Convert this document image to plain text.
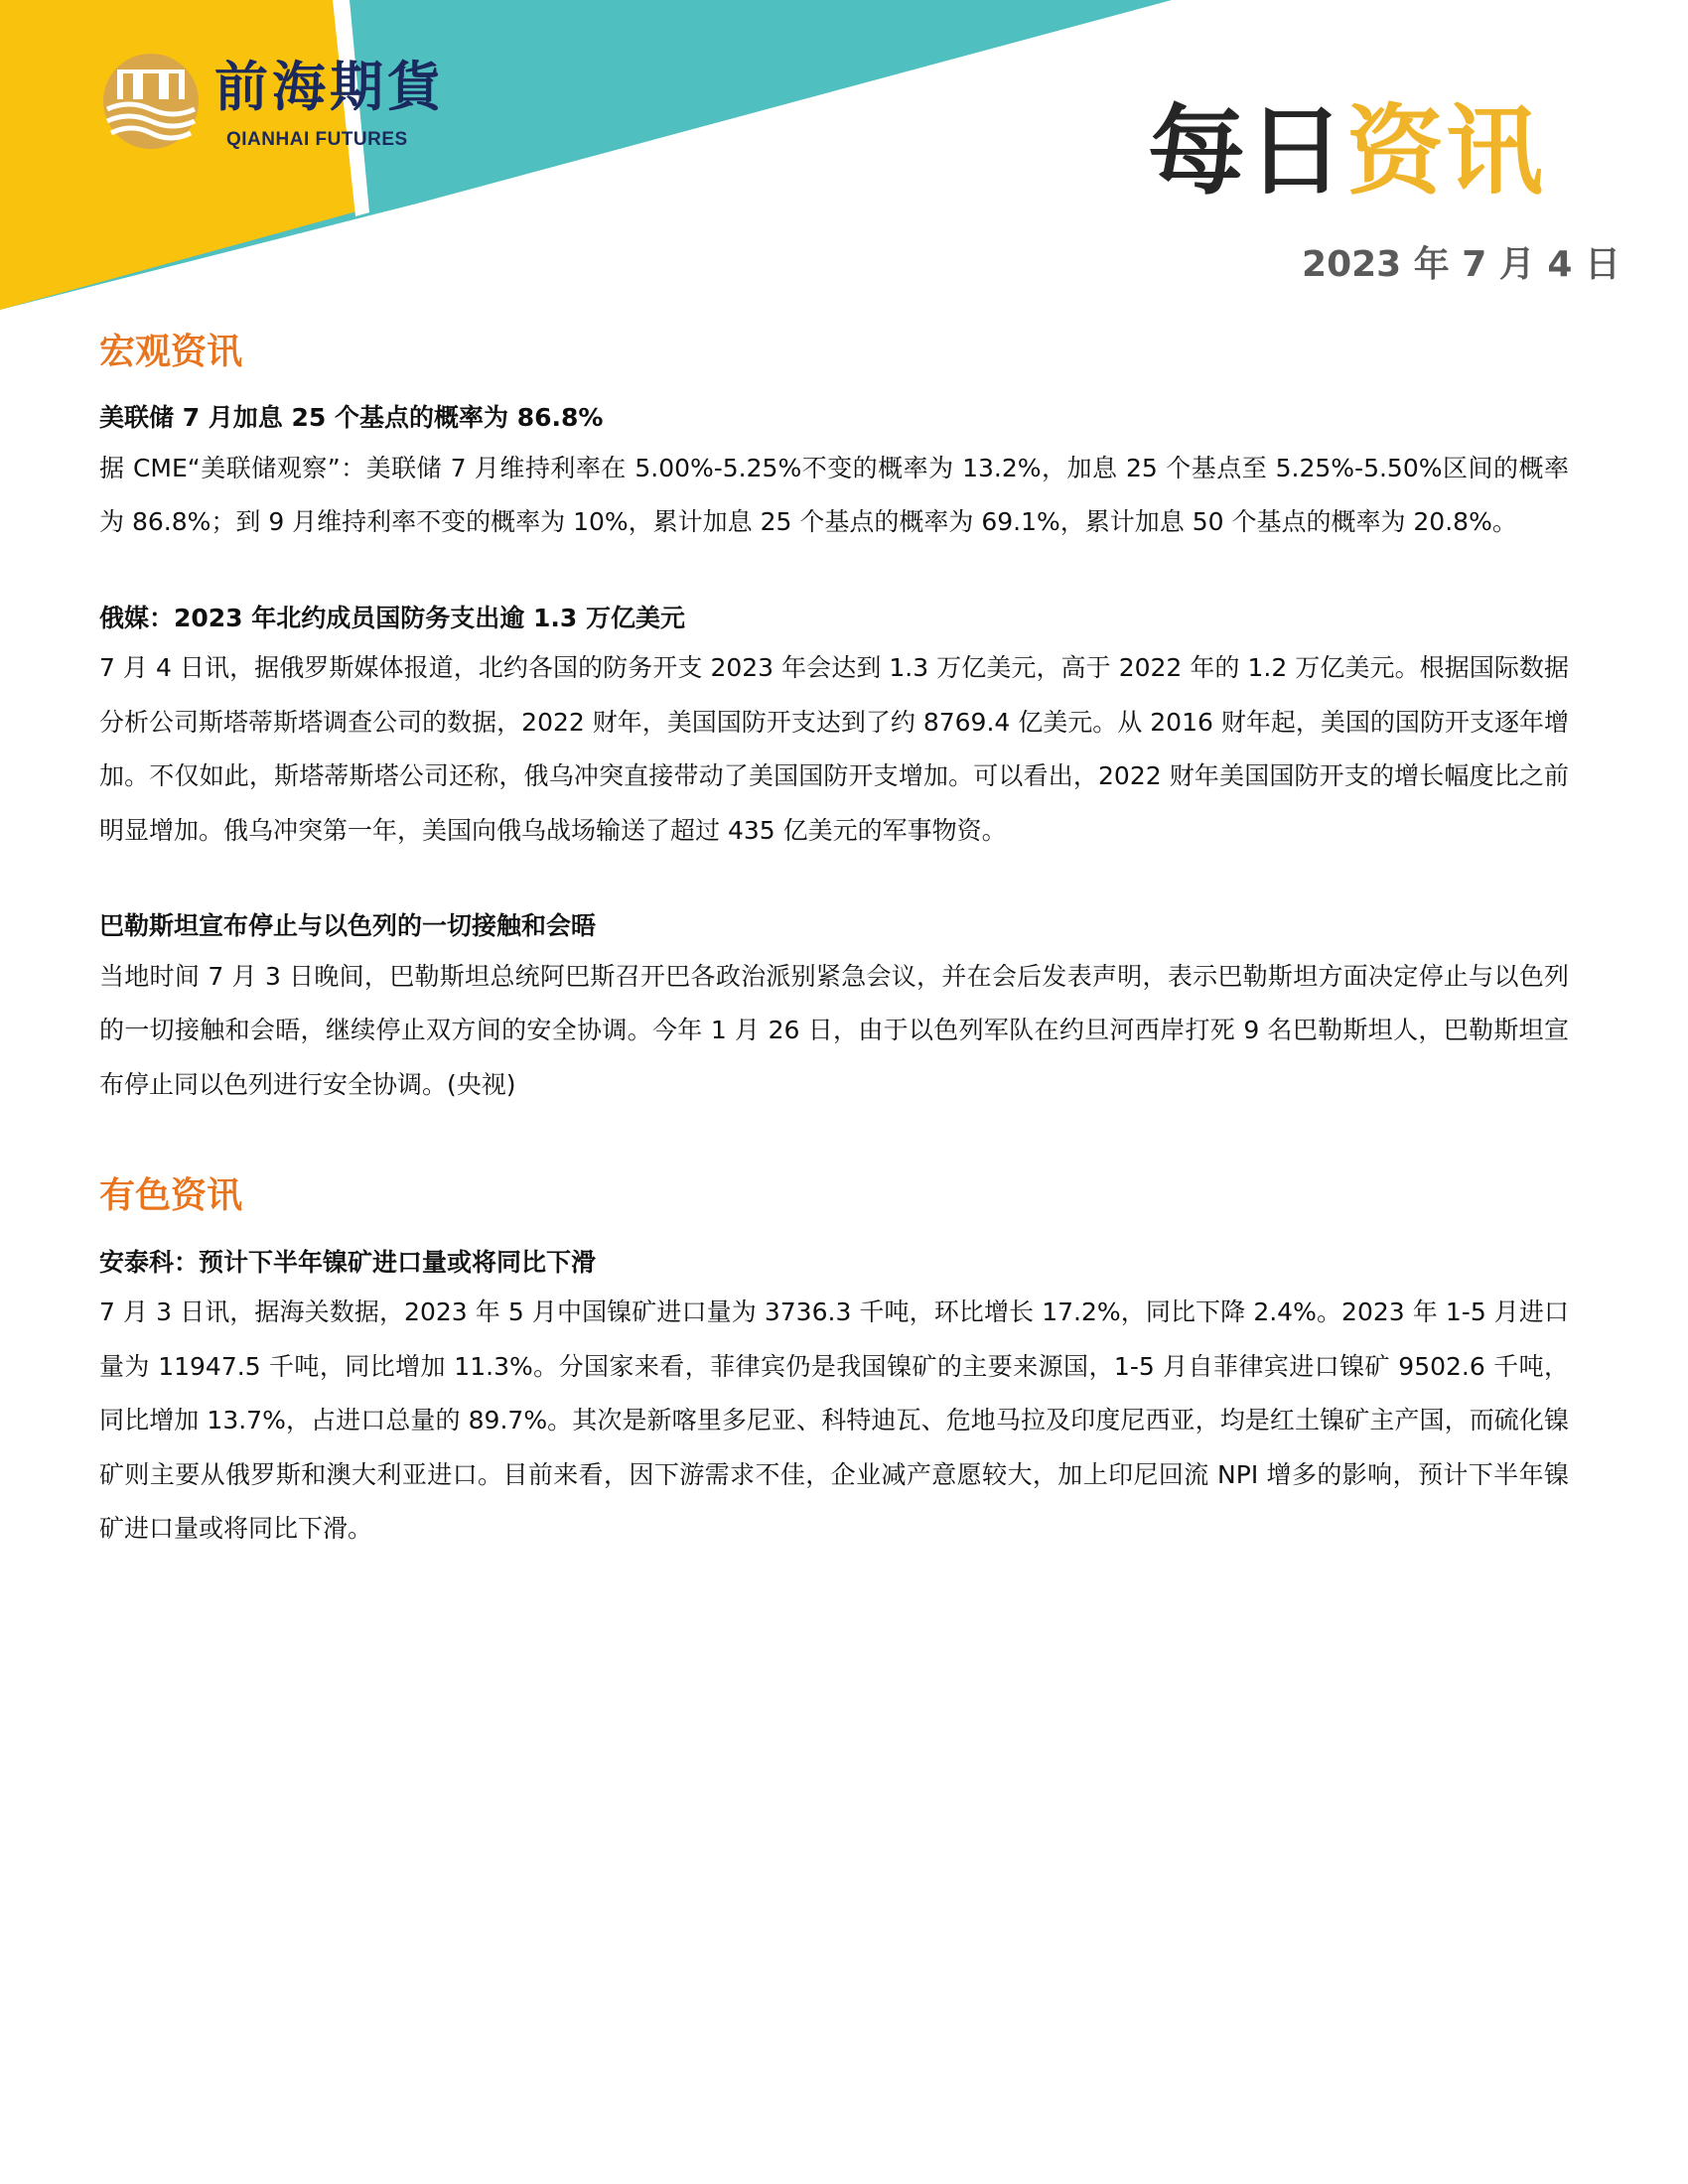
前海期貨
QIANHAI FUTURES	每日资讯
2023 年 7 月 4 日
宏观资讯
美联储 7 月加息 25 个基点的概率为 86.8%

据 CME“美联储观察”：美联储 7 月维持利率在 5.00%-5.25%不变的概率为 13.2%，加息 25 个基点至 5.25%-5.50%区间的概率为 86.8%；到 9 月维持利率不变的概率为 10%，累计加息 25 个基点的概率为 69.1%，累计加息 50 个基点的概率为 20.8%。

俄媒：2023 年北约成员国防务支出逾 1.3 万亿美元

7 月 4 日讯，据俄罗斯媒体报道，北约各国的防务开支 2023 年会达到 1.3 万亿美元，高于 2022 年的 1.2 万亿美元。根据国际数据分析公司斯塔蒂斯塔调查公司的数据，2022 财年，美国国防开支达到了约 8769.4 亿美元。从 2016 财年起，美国的国防开支逐年增加。不仅如此，斯塔蒂斯塔公司还称，俄乌冲突直接带动了美国国防开支增加。可以看出，2022 财年美国国防开支的增长幅度比之前明显增加。俄乌冲突第一年，美国向俄乌战场输送了超过 435 亿美元的军事物资。

巴勒斯坦宣布停止与以色列的一切接触和会晤

当地时间 7 月 3 日晚间，巴勒斯坦总统阿巴斯召开巴各政治派别紧急会议，并在会后发表声明，表示巴勒斯坦方面决定停止与以色列的一切接触和会晤，继续停止双方间的安全协调。今年 1 月 26 日，由于以色列军队在约旦河西岸打死 9 名巴勒斯坦人，巴勒斯坦宣布停止同以色列进行安全协调。(央视)

有色资讯
安泰科：预计下半年镍矿进口量或将同比下滑

7 月 3 日讯，据海关数据，2023 年 5 月中国镍矿进口量为 3736.3 千吨，环比增长 17.2%，同比下降 2.4%。2023 年 1-5 月进口量为 11947.5 千吨，同比增加 11.3%。分国家来看，菲律宾仍是我国镍矿的主要来源国，1-5 月自菲律宾进口镍矿 9502.6 千吨，同比增加 13.7%，占进口总量的 89.7%。其次是新喀里多尼亚、科特迪瓦、危地马拉及印度尼西亚，均是红土镍矿主产国，而硫化镍矿则主要从俄罗斯和澳大利亚进口。目前来看，因下游需求不佳，企业减产意愿较大，加上印尼回流 NPI 增多的影响，预计下半年镍矿进口量或将同比下滑。
